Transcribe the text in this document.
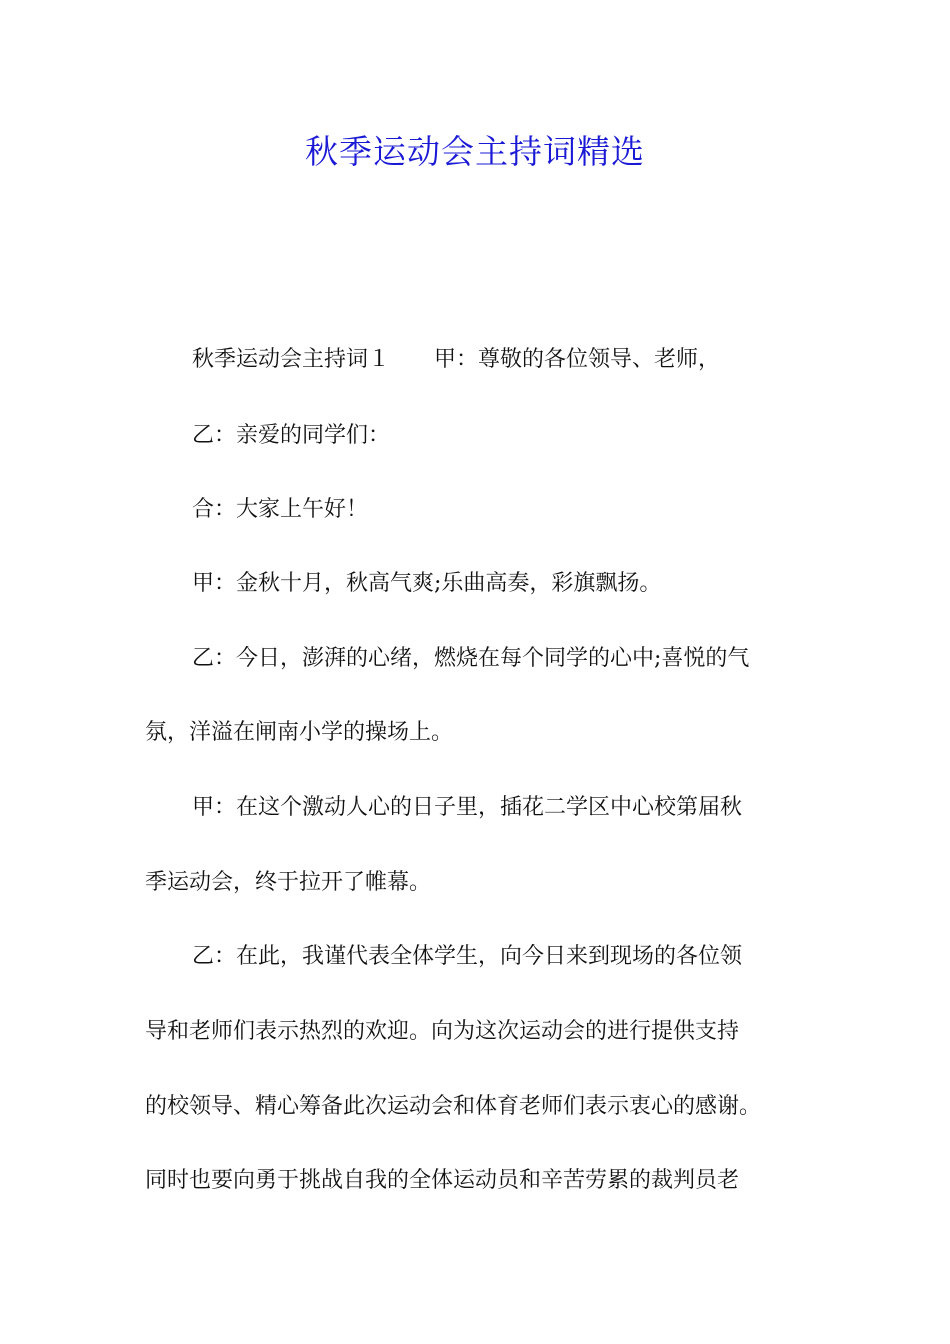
秋季运动会主持词精选
秋季运动会主持词１ 甲：尊敬的各位领导、老师，
乙：亲爱的同学们：
合：大家上午好！
甲：金秋十月，秋高气爽;乐曲高奏，彩旗飘扬。
乙：今日，澎湃的心绪，燃烧在每个同学的心中;喜悦的气
氛，洋溢在闸南小学的操场上。
甲：在这个激动人心的日子里，插花二学区中心校第届秋
季运动会，终于拉开了帷幕。
乙：在此，我谨代表全体学生，向今日来到现场的各位领
导和老师们表示热烈的欢迎。向为这次运动会的进行提供支持
的校领导、精心筹备此次运动会和体育老师们表示衷心的感谢。
同时也要向勇于挑战自我的全体运动员和辛苦劳累的裁判员老
